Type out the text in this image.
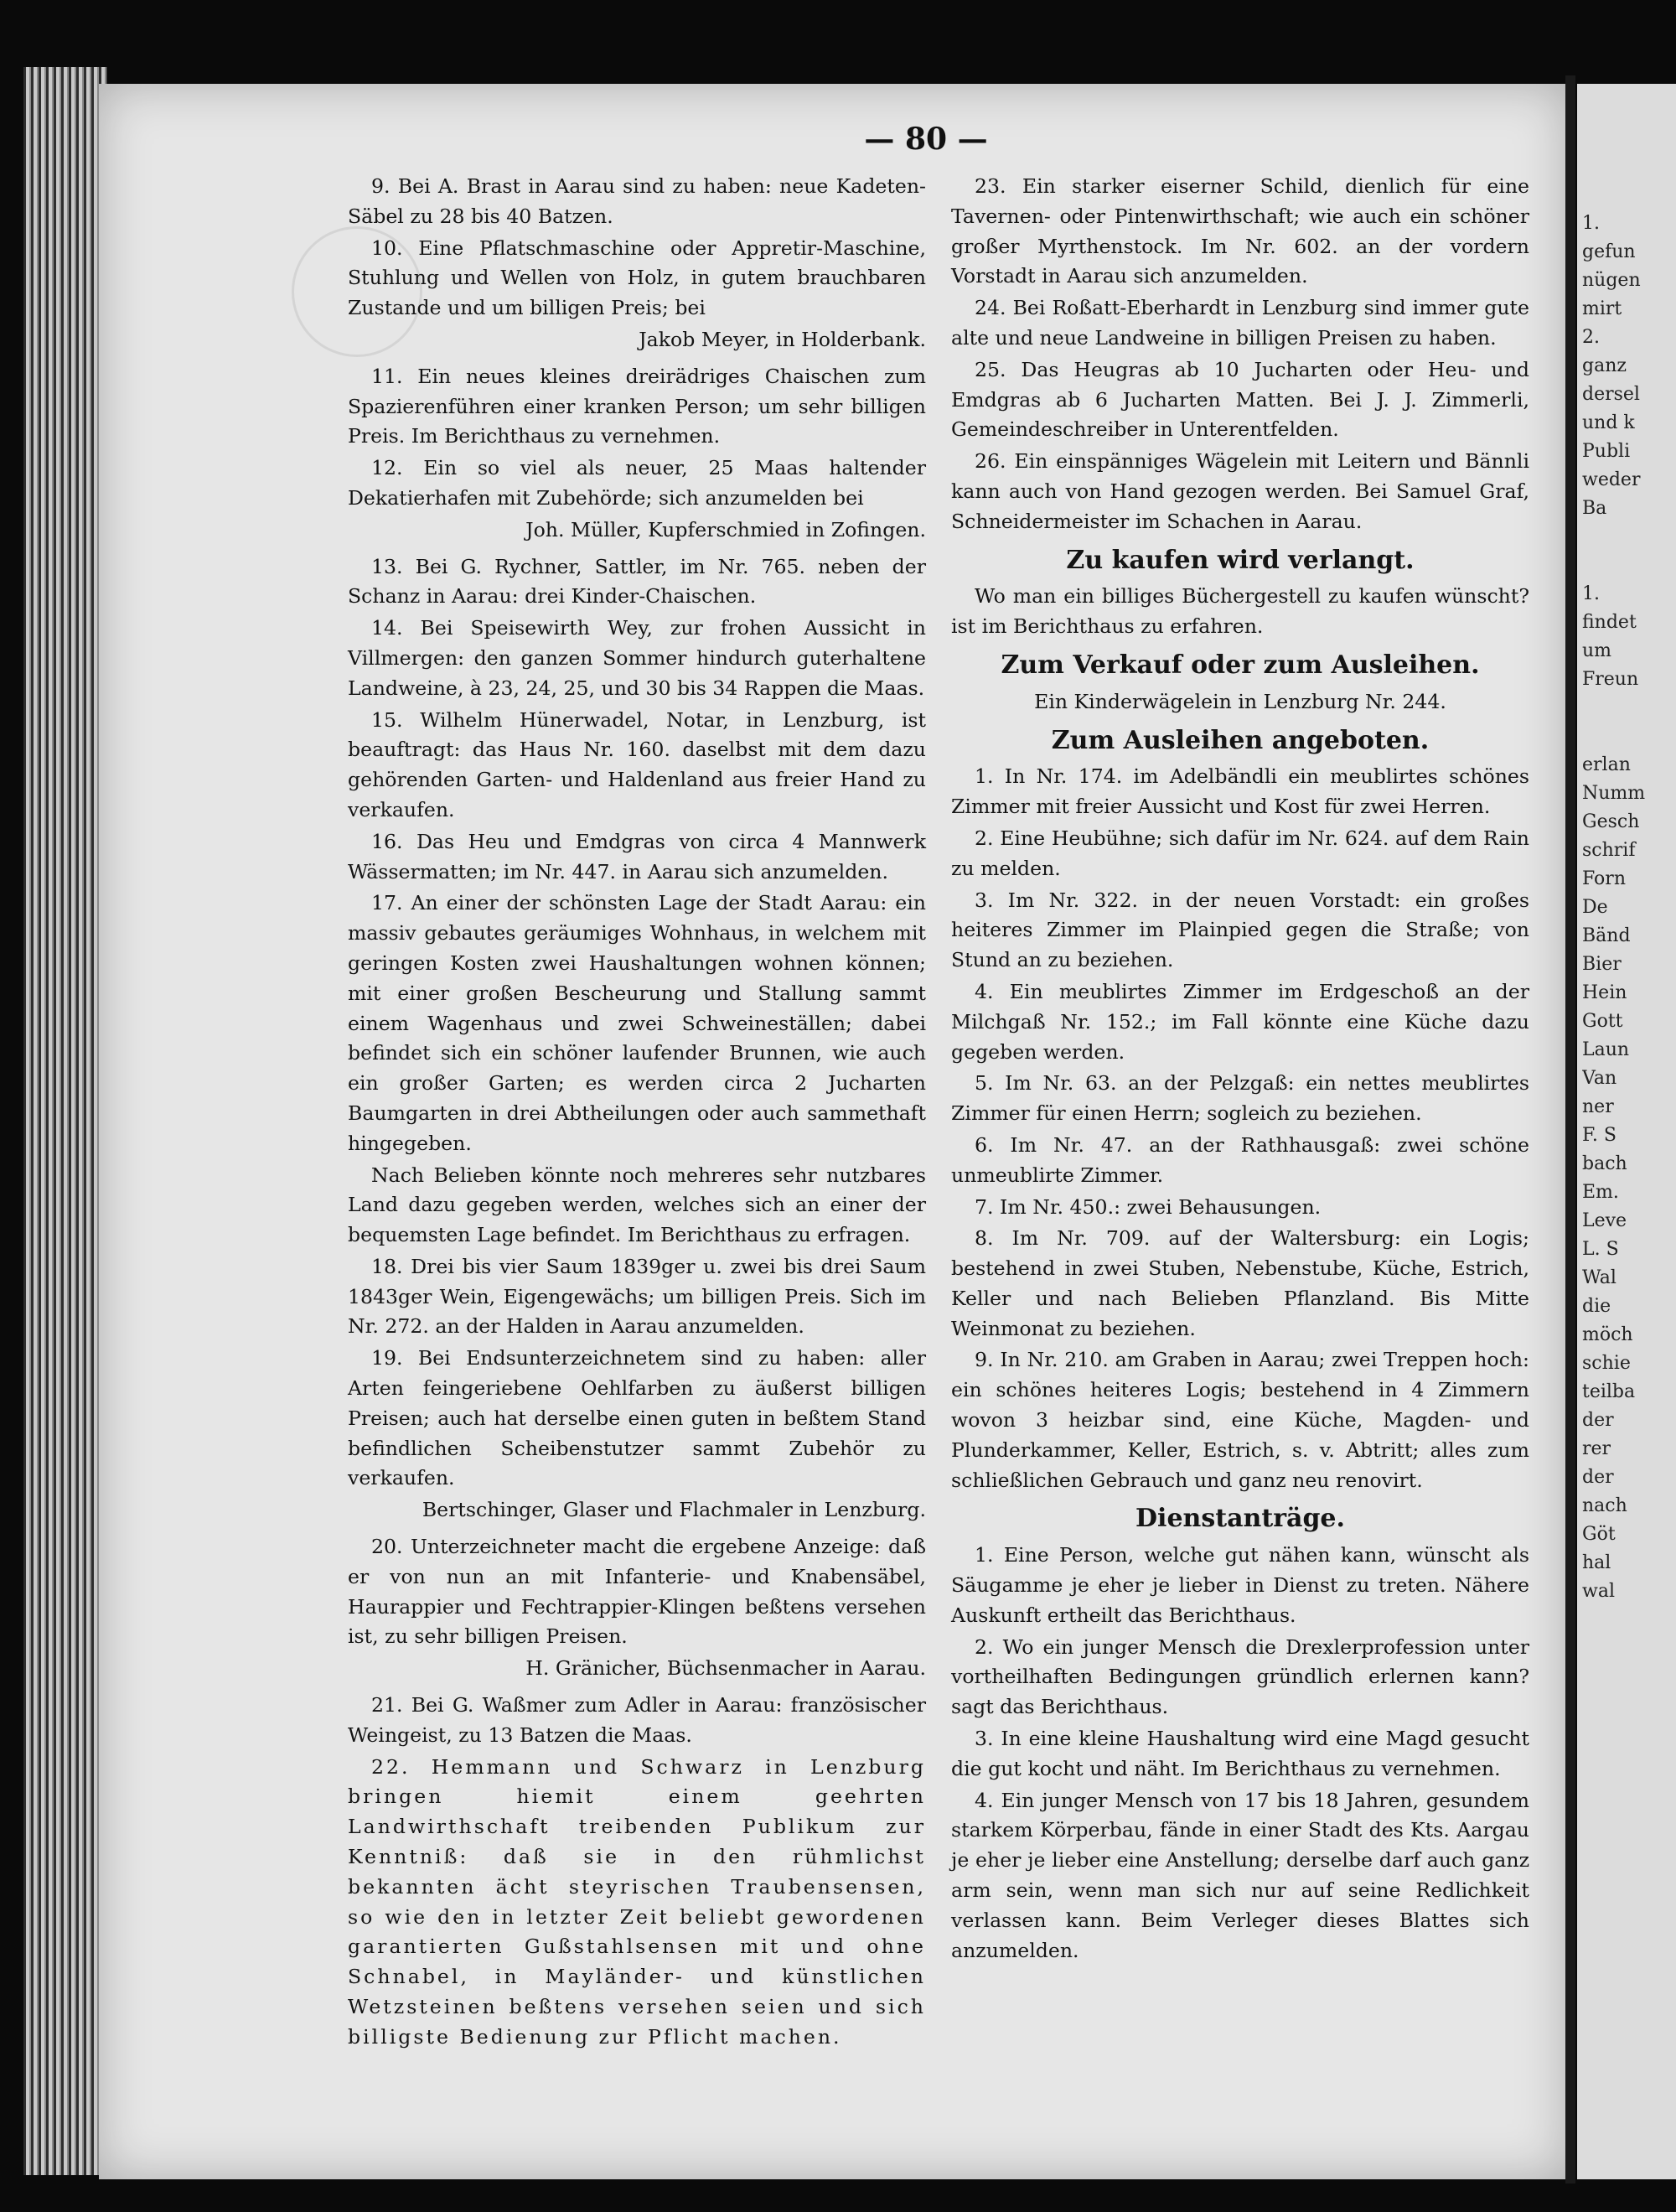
— 80 —

9. Bei A. Brast in Aarau sind zu haben: neue Kadeten-Säbel zu 28 bis 40 Batzen.

10. Eine Pflatschmaschine oder Appretir-Maschine, Stuhlung und Wellen von Holz, in gutem brauchbaren Zustande und um billigen Preis; bei

Jakob Meyer, in Holderbank.

11. Ein neues kleines dreirädriges Chaischen zum Spazierenführen einer kranken Person; um sehr billigen Preis. Im Berichthaus zu vernehmen.

12. Ein so viel als neuer, 25 Maas haltender Dekatierhafen mit Zubehörde; sich anzumelden bei

Joh. Müller, Kupferschmied in Zofingen.

13. Bei G. Rychner, Sattler, im Nr. 765. neben der Schanz in Aarau: drei Kinder-Chaischen.

14. Bei Speisewirth Wey, zur frohen Aussicht in Villmergen: den ganzen Sommer hindurch guterhaltene Landweine, à 23, 24, 25, und 30 bis 34 Rappen die Maas.

15. Wilhelm Hünerwadel, Notar, in Lenzburg, ist beauftragt: das Haus Nr. 160. daselbst mit dem dazu gehörenden Garten- und Haldenland aus freier Hand zu verkaufen.

16. Das Heu und Emdgras von circa 4 Mannwerk Wässermatten; im Nr. 447. in Aarau sich anzumelden.

17. An einer der schönsten Lage der Stadt Aarau: ein massiv gebautes geräumiges Wohnhaus, in welchem mit geringen Kosten zwei Haushaltungen wohnen können; mit einer großen Bescheurung und Stallung sammt einem Wagenhaus und zwei Schweineställen; dabei befindet sich ein schöner laufender Brunnen, wie auch ein großer Garten; es werden circa 2 Jucharten Baumgarten in drei Abtheilungen oder auch sammethaft hingegeben.

Nach Belieben könnte noch mehreres sehr nutzbares Land dazu gegeben werden, welches sich an einer der bequemsten Lage befindet. Im Berichthaus zu erfragen.

18. Drei bis vier Saum 1839ger u. zwei bis drei Saum 1843ger Wein, Eigengewächs; um billigen Preis. Sich im Nr. 272. an der Halden in Aarau anzumelden.

19. Bei Endsunterzeichnetem sind zu haben: aller Arten feingeriebene Oehlfarben zu äußerst billigen Preisen; auch hat derselbe einen guten in beßtem Stand befindlichen Scheibenstutzer sammt Zubehör zu verkaufen.

Bertschinger, Glaser und Flachmaler in Lenzburg.

20. Unterzeichneter macht die ergebene Anzeige: daß er von nun an mit Infanterie- und Knabensäbel, Haurappier und Fechtrappier-Klingen beßtens versehen ist, zu sehr billigen Preisen.

H. Gränicher, Büchsenmacher in Aarau.

21. Bei G. Waßmer zum Adler in Aarau: französischer Weingeist, zu 13 Batzen die Maas.

22. Hemmann und Schwarz in Lenzburg bringen hiemit einem geehrten Landwirthschaft treibenden Publikum zur Kenntniß: daß sie in den rühmlichst bekannten ächt steyrischen Traubensensen, so wie den in letzter Zeit beliebt gewordenen garantierten Gußstahlsensen mit und ohne Schnabel, in Mayländer- und künstlichen Wetzsteinen beßtens versehen seien und sich billigste Bedienung zur Pflicht machen.

23. Ein starker eiserner Schild, dienlich für eine Tavernen- oder Pintenwirthschaft; wie auch ein schöner großer Myrthenstock. Im Nr. 602. an der vordern Vorstadt in Aarau sich anzumelden.

24. Bei Roßatt-Eberhardt in Lenzburg sind immer gute alte und neue Landweine in billigen Preisen zu haben.

25. Das Heugras ab 10 Jucharten oder Heu- und Emdgras ab 6 Jucharten Matten. Bei J. J. Zimmerli, Gemeindeschreiber in Unterentfelden.

26. Ein einspänniges Wägelein mit Leitern und Bännli kann auch von Hand gezogen werden. Bei Samuel Graf, Schneidermeister im Schachen in Aarau.

Zu kaufen wird verlangt.

Wo man ein billiges Büchergestell zu kaufen wünscht? ist im Berichthaus zu erfahren.

Zum Verkauf oder zum Ausleihen.

Ein Kinderwägelein in Lenzburg Nr. 244.

Zum Ausleihen angeboten.

1. In Nr. 174. im Adelbändli ein meublirtes schönes Zimmer mit freier Aussicht und Kost für zwei Herren.

2. Eine Heubühne; sich dafür im Nr. 624. auf dem Rain zu melden.

3. Im Nr. 322. in der neuen Vorstadt: ein großes heiteres Zimmer im Plainpied gegen die Straße; von Stund an zu beziehen.

4. Ein meublirtes Zimmer im Erdgeschoß an der Milchgaß Nr. 152.; im Fall könnte eine Küche dazu gegeben werden.

5. Im Nr. 63. an der Pelzgaß: ein nettes meublirtes Zimmer für einen Herrn; sogleich zu beziehen.

6. Im Nr. 47. an der Rathhausgaß: zwei schöne unmeublirte Zimmer.

7. Im Nr. 450.: zwei Behausungen.

8. Im Nr. 709. auf der Waltersburg: ein Logis; bestehend in zwei Stuben, Nebenstube, Küche, Estrich, Keller und nach Belieben Pflanzland. Bis Mitte Weinmonat zu beziehen.

9. In Nr. 210. am Graben in Aarau; zwei Treppen hoch: ein schönes heiteres Logis; bestehend in 4 Zimmern wovon 3 heizbar sind, eine Küche, Magden- und Plunderkammer, Keller, Estrich, s. v. Abtritt; alles zum schließlichen Gebrauch und ganz neu renovirt.

Dienstanträge.

1. Eine Person, welche gut nähen kann, wünscht als Säugamme je eher je lieber in Dienst zu treten. Nähere Auskunft ertheilt das Berichthaus.

2. Wo ein junger Mensch die Drexlerprofession unter vortheilhaften Bedingungen gründlich erlernen kann? sagt das Berichthaus.

3. In eine kleine Haushaltung wird eine Magd gesucht die gut kocht und näht. Im Berichthaus zu vernehmen.

4. Ein junger Mensch von 17 bis 18 Jahren, gesundem starkem Körperbau, fände in einer Stadt des Kts. Aargau je eher je lieber eine Anstellung; derselbe darf auch ganz arm sein, wenn man sich nur auf seine Redlichkeit verlassen kann. Beim Verleger dieses Blattes sich anzumelden.

1.
gefun
nügen
mirt
2.
ganz
dersel
und k
Publi
weder
Ba

1.
findet
um
Freun

erlan
Numm
Gesch
schrif
Forn
De
Bänd
Bier
Hein
Gott
Laun
Van
ner
F. S
bach
Em.
Leve
L. S
Wal
die
möch
schie
teilba
der
rer
der
nach
Göt
hal
wal
